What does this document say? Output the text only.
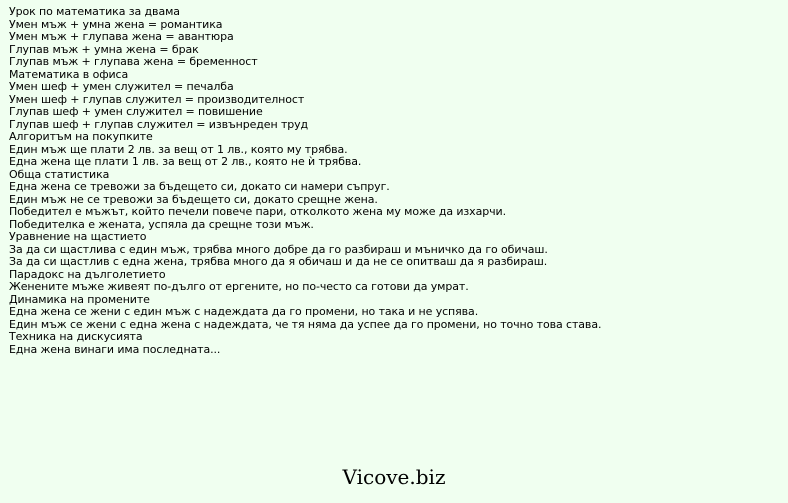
Урок по математика за двама
Умен мъж + умна жена = романтика
Умен мъж + глупава жена = авантюра
Глупав мъж + умна жена = брак
Глупав мъж + глупава жена = бременност
Математика в офиса
Умен шеф + умен служител = печалба
Умен шеф + глупав служител = производителност
Глупав шеф + умен служител = повишение
Глупав шеф + глупав служител = извънреден труд
Алгоритъм на покупките
Един мъж ще плати 2 лв. за вещ от 1 лв., която му трябва.
Една жена ще плати 1 лв. за вещ от 2 лв., която не ѝ трябва.
Обща статистика
Една жена се тревожи за бъдещето си, докато си намери съпруг.
Един мъж не се тревожи за бъдещето си, докато срещне жена.
Победител е мъжът, който печели повече пари, отколкото жена му може да изхарчи.
Победителка е жената, успяла да срещне този мъж.
Уравнение на щастието
За да си щастлива с един мъж, трябва много добре да го разбираш и мъничко да го обичаш.
За да си щастлив с една жена, трябва много да я обичаш и да не се опитваш да я разбираш.
Парадокс на дълголетието
Женените мъже живеят по-дълго от ергените, но по-често са готови да умрат.
Динамика на промените
Една жена се жени с един мъж с надеждата да го промени, но така и не успява.
Един мъж се жени с една жена с надеждата, че тя няма да успее да го промени, но точно това става.
Техника на дискусията
Една жена винаги има последната...
Vicove.biz
